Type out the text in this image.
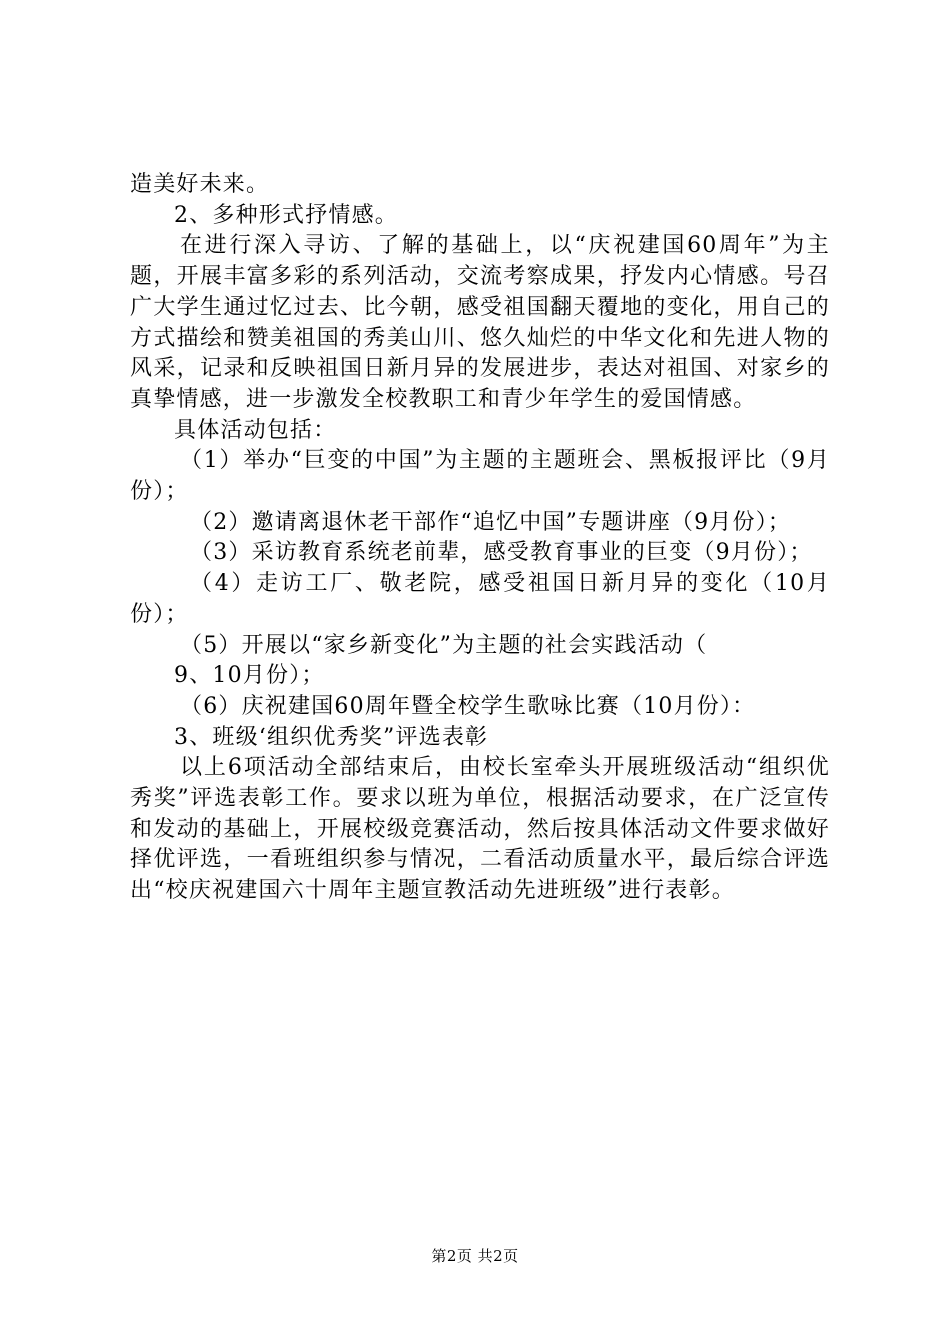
造美好未来。

2、多种形式抒情感。

在进行深入寻访、了解的基础上，以“庆祝建国60周年”为主题，开展丰富多彩的系列活动，交流考察成果，抒发内心情感。号召广大学生通过忆过去、比今朝，感受祖国翻天覆地的变化，用自己的方式描绘和赞美祖国的秀美山川、悠久灿烂的中华文化和先进人物的风采，记录和反映祖国日新月异的发展进步，表达对祖国、对家乡的真挚情感，进一步激发全校教职工和青少年学生的爱国情感。

具体活动包括：

（1）举办“巨变的中国”为主题的主题班会、黑板报评比（9月份）；

（2）邀请离退休老干部作“追忆中国”专题讲座（9月份）；

（3）采访教育系统老前辈，感受教育事业的巨变（9月份）；

（4）走访工厂、敬老院，感受祖国日新月异的变化（10月份）；

（5）开展以“家乡新变化”为主题的社会实践活动（

9、10月份）；

（6）庆祝建国60周年暨全校学生歌咏比赛（10月份）：

3、班级‘组织优秀奖”评选表彰

以上6项活动全部结束后，由校长室牵头开展班级活动“组织优秀奖”评选表彰工作。要求以班为单位，根据活动要求，在广泛宣传和发动的基础上，开展校级竞赛活动，然后按具体活动文件要求做好择优评选，一看班组织参与情况，二看活动质量水平，最后综合评选出“校庆祝建国六十周年主题宣教活动先进班级”进行表彰。

第2页 共2页
